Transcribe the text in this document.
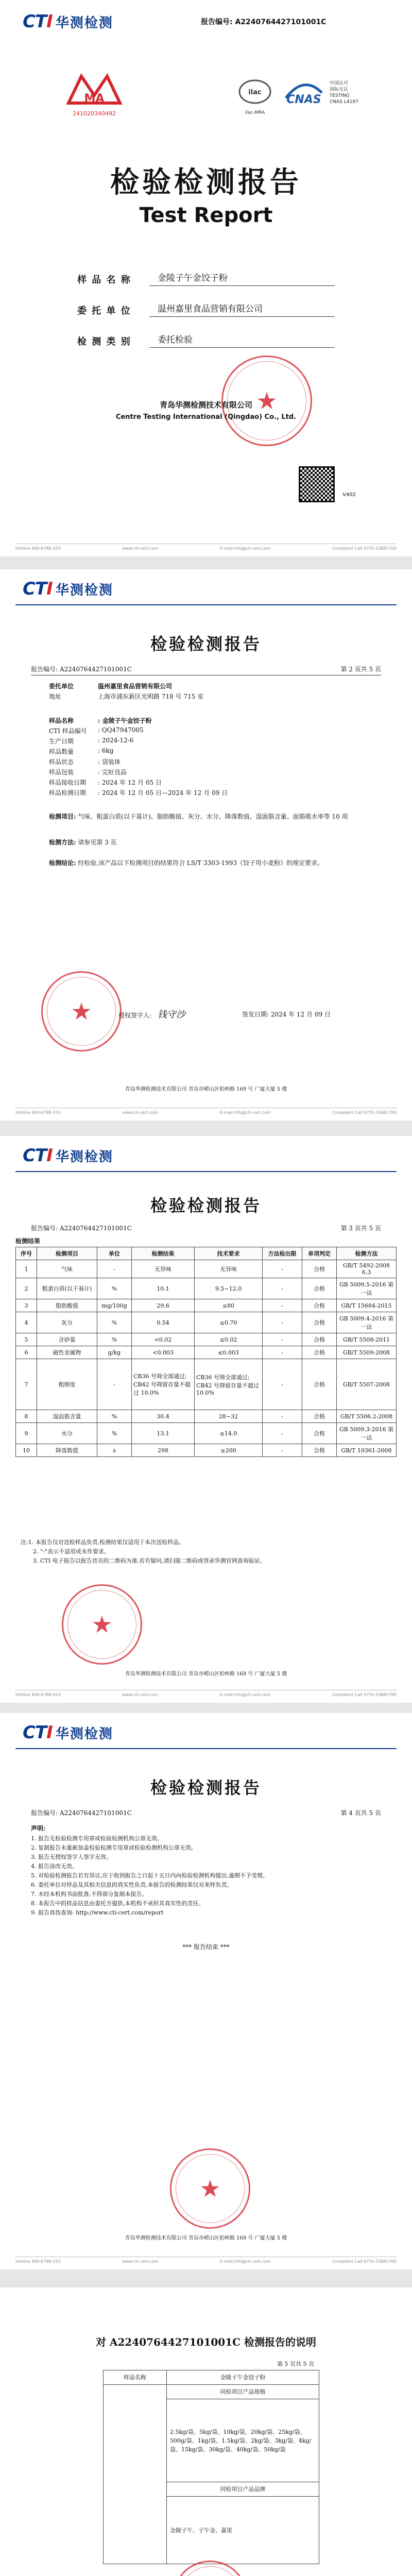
CTI 华测检测	报告编号: A2240764427101001C
MA
241020340492
ilac
ilac-MRA
CNAS
中国认可
国际互认
TESTING
CNAS L4197
检验检测报告
Test Report
样 品 名 称	金陵子午金饺子粉
委 托 单 位	温州嘉里食品营销有限公司
检 测 类 别	委托检验
★
青岛华测检测技术有限公司
Centre Testing International (Qingdao) Co., Ltd.
V402
Hotline 400-6788-333	www.cti-cert.com	E-mail:info@cti-cert.com	Complaint Call 0755-33681700
CTI 华测检测
检验检测报告
报告编号: A2240764427101001C	第 2 页共 5 页
委托单位	温州嘉里食品营销有限公司
地址	上海市浦东新区光明路 718 号 715 室
样品名称	: 金陵子午金饺子粉
CTI 样品编号	: QQ47947005
生产日期	: 2024-12-6
样品数量	: 6kg
样品状态	: 袋装体
样品包装	: 完好良品
样品接收日期	: 2024 年 12 月 05 日
样品检测日期	: 2024 年 12 月 05 日—2024 年 12 月 09 日
检测项目: 气味、粗蛋白质(以干基计)、脂肪酸值、灰分、水分、降落数值、湿面筋含量、面筋吸水率等 10 项
检测方法: 请参见第 3 页
检测结论: 经检验,该产品以下检测项目的结果符合 LS/T 3303-1993《饺子用小麦粉》的规定要求。
★	授权签字人: 钱守沙	签发日期: 2024 年 12 月 09 日
青岛华测检测技术有限公司 青岛市崂山区松岭路 169 号 广厦大厦 5 楼
Hotline 400-6788-333	www.cti-cert.com	E-mail:info@cti-cert.com	Complaint Call 0755-33681700
CTI 华测检测
检验检测报告
报告编号: A2240764427101001C	第 3 页共 5 页
检测结果
序号	检测项目	单位	检测结果	技术要求	方法检出限	单项判定	检测方法
1	气味	-	无异味	无异味	-	合格	GB/T 5492-2008 6.3
2	粗蛋白质(以干基计)	%	10.1	9.5~12.0	-	合格	GB 5009.5-2016 第一法
3	脂肪酸值	mg/100g	29.6	≤80	-	合格	GB/T 15684-2015
4	灰分	%	0.54	≤0.70	-	合格	GB 5009.4-2016 第一法
5	含砂量	%	<0.02	≤0.02	-	合格	GB/T 5508-2011
6	磁性金属物	g/kg	<0.003	≤0.003	-	合格	GB/T 5509-2008
7	粗细度	-	CB36 号筛全部通过; CB42 号筛留存量不超过 10.0%	CB36 号筛全部通过; CB42 号筛留存量不超过 10.0%	-	合格	GB/T 5507-2008
8	湿面筋含量	%	30.4	28~32	-	合格	GB/T 5506.2-2008
9	水分	%	13.1	≤14.0	-	合格	GB 5009.3-2016 第一法
10	降落数值	s	298	≥200	-	合格	GB/T 10361-2008
注:1. 本报告仅对送检样品负责,检测结果仅适用于本次送检样品。
2. "-"表示不适用或未作要求。
3. CTI 电子报告以报告首页的二维码为准,若有疑问,请扫描二维码或登录华测官网查询验证。
★
青岛华测检测技术有限公司 青岛市崂山区松岭路 169 号 广厦大厦 5 楼
Hotline 400-6788-333	www.cti-cert.com	E-mail:info@cti-cert.com	Complaint Call 0755-33681700
CTI 华测检测
检验检测报告
报告编号: A2240764427101001C	第 4 页共 5 页
声明:
1. 报告无检验检测专用章或检验检测机构公章无效。
2. 复制报告未重新加盖检验检测专用章或检验检测机构公章无效。
3. 报告无授权签字人签字无效。
4. 报告涂改无效。
5. 对检验检测报告若有异议,应于收到报告之日起十五日内向检验检测机构提出,逾期不予受理。
6. 委托单位对样品及其相关信息的真实性负责,本报告的检测结果仅对来样负责。
7. 未经本机构书面批准,不得部分复制本报告。
8. 本报告中的样品信息由委托方提供,本机构不承担其真实性的责任。
9. 报告真伪查询: http://www.cti-cert.com/report
*** 报告结束 ***
★
青岛华测检测技术有限公司 青岛市崂山区松岭路 169 号 广厦大厦 5 楼
Hotline 400-6788-333	www.cti-cert.com	E-mail:info@cti-cert.com	Complaint Call 0755-33681700
对 A2240764427101001C 检测报告的说明
第 5 页共 5 页
样品名称	金陵子午金饺子粉
	同检项目产品规格
	2.5kg/袋、5kg/袋、10kg/袋、20kg/袋、25kg/袋、500g/袋、1kg/袋、1.5kg/袋、2kg/袋、3kg/袋、4kg/袋、15kg/袋、30kg/袋、40kg/袋、50kg/袋
	同检项目产品品牌
	金陵子午、子午金、嘉里
